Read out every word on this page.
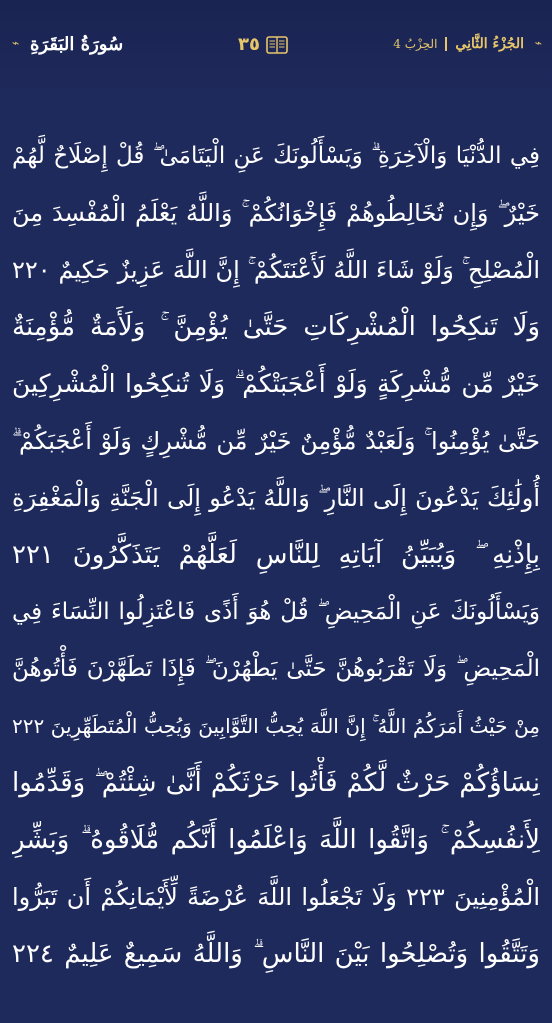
⌁	⌁
سُورَةُ البَقَرَةِ	٣٥	الجُزْءُ الثَّانِي
الحِزْبُ 4
فِي الدُّنْيَا وَالْآخِرَةِ ۗ وَيَسْأَلُونَكَ عَنِ الْيَتَامَىٰ ۖ قُلْ إِصْلَاحٌ لَّهُمْ
خَيْرٌ ۖ وَإِن تُخَالِطُوهُمْ فَإِخْوَانُكُمْ ۚ وَاللَّهُ يَعْلَمُ الْمُفْسِدَ مِنَ
الْمُصْلِحِ ۚ وَلَوْ شَاءَ اللَّهُ لَأَعْنَتَكُمْ ۚ إِنَّ اللَّهَ عَزِيزٌ حَكِيمٌ ٢٢٠
وَلَا تَنكِحُوا الْمُشْرِكَاتِ حَتَّىٰ يُؤْمِنَّ ۚ وَلَأَمَةٌ مُّؤْمِنَةٌ
خَيْرٌ مِّن مُّشْرِكَةٍ وَلَوْ أَعْجَبَتْكُمْ ۗ وَلَا تُنكِحُوا الْمُشْرِكِينَ
حَتَّىٰ يُؤْمِنُوا ۚ وَلَعَبْدٌ مُّؤْمِنٌ خَيْرٌ مِّن مُّشْرِكٍ وَلَوْ أَعْجَبَكُمْ ۗ
أُولَٰئِكَ يَدْعُونَ إِلَى النَّارِ ۖ وَاللَّهُ يَدْعُو إِلَى الْجَنَّةِ وَالْمَغْفِرَةِ
بِإِذْنِهِ ۖ وَيُبَيِّنُ آيَاتِهِ لِلنَّاسِ لَعَلَّهُمْ يَتَذَكَّرُونَ ٢٢١
وَيَسْأَلُونَكَ عَنِ الْمَحِيضِ ۖ قُلْ هُوَ أَذًى فَاعْتَزِلُوا النِّسَاءَ فِي
الْمَحِيضِ ۖ وَلَا تَقْرَبُوهُنَّ حَتَّىٰ يَطْهُرْنَ ۖ فَإِذَا تَطَهَّرْنَ فَأْتُوهُنَّ
مِنْ حَيْثُ أَمَرَكُمُ اللَّهُ ۚ إِنَّ اللَّهَ يُحِبُّ التَّوَّابِينَ وَيُحِبُّ الْمُتَطَهِّرِينَ ٢٢٢
نِسَاؤُكُمْ حَرْثٌ لَّكُمْ فَأْتُوا حَرْثَكُمْ أَنَّىٰ شِئْتُمْ ۖ وَقَدِّمُوا
لِأَنفُسِكُمْ ۚ وَاتَّقُوا اللَّهَ وَاعْلَمُوا أَنَّكُم مُّلَاقُوهُ ۗ وَبَشِّرِ
الْمُؤْمِنِينَ ٢٢٣ وَلَا تَجْعَلُوا اللَّهَ عُرْضَةً لِّأَيْمَانِكُمْ أَن تَبَرُّوا
وَتَتَّقُوا وَتُصْلِحُوا بَيْنَ النَّاسِ ۗ وَاللَّهُ سَمِيعٌ عَلِيمٌ ٢٢٤
